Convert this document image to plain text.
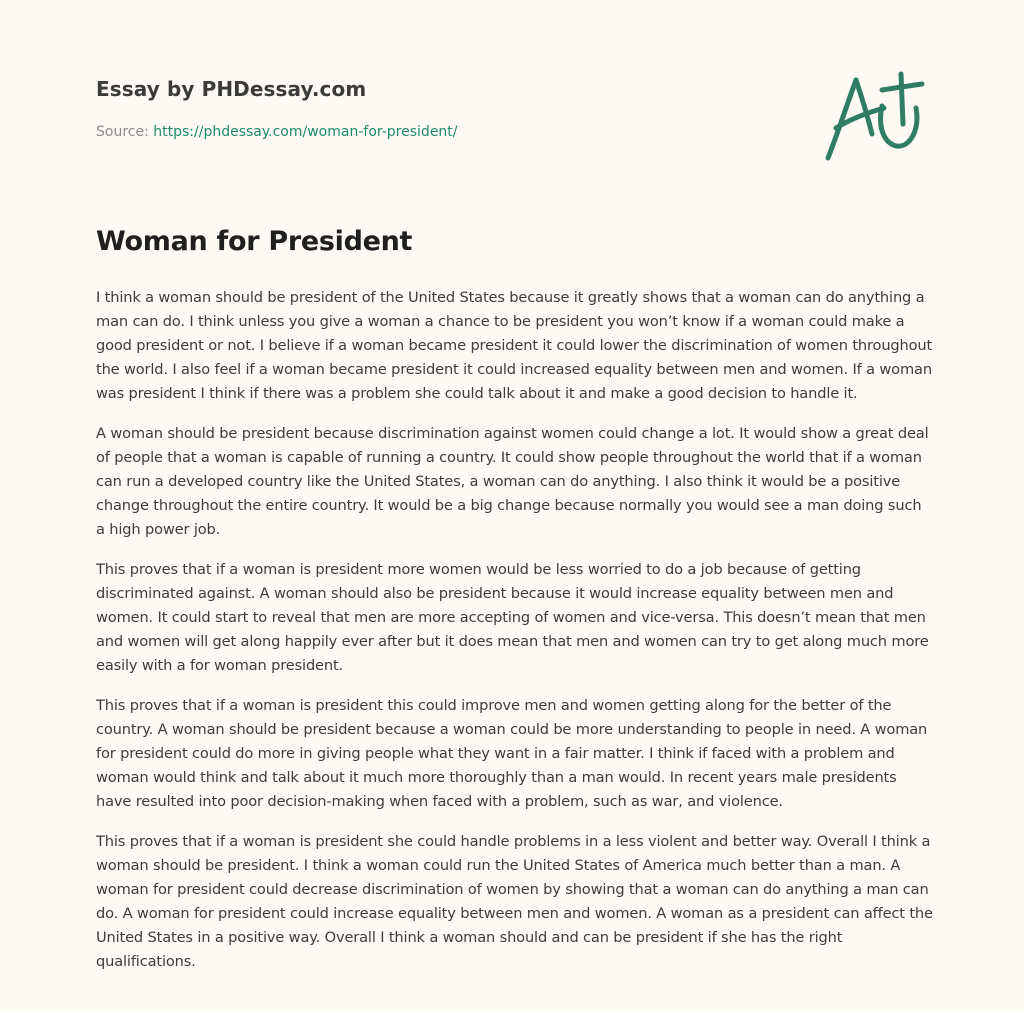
Essay by PHDessay.com
Source: https://phdessay.com/woman-for-president/
Woman for President

I think a woman should be president of the United States because it greatly shows that a woman can do anything a man can do. I think unless you give a woman a chance to be president you won’t know if a woman could make a good president or not. I believe if a woman became president it could lower the discrimination of women throughout the world. I also feel if a woman became president it could increased equality between men and women. If a woman was president I think if there was a problem she could talk about it and make a good decision to handle it.

A woman should be president because discrimination against women could change a lot. It would show a great deal of people that a woman is capable of running a country. It could show people throughout the world that if a woman can run a developed country like the United States, a woman can do anything. I also think it would be a positive change throughout the entire country. It would be a big change because normally you would see a man doing such a high power job.

This proves that if a woman is president more women would be less worried to do a job because of getting discriminated against. A woman should also be president because it would increase equality between men and women. It could start to reveal that men are more accepting of women and vice-versa. This doesn’t mean that men and women will get along happily ever after but it does mean that men and women can try to get along much more easily with a for woman president.

This proves that if a woman is president this could improve men and women getting along for the better of the country. A woman should be president because a woman could be more understanding to people in need. A woman for president could do more in giving people what they want in a fair matter. I think if faced with a problem and woman would think and talk about it much more thoroughly than a man would. In recent years male presidents have resulted into poor decision-making when faced with a problem, such as war, and violence.

This proves that if a woman is president she could handle problems in a less violent and better way. Overall I think a woman should be president. I think a woman could run the United States of America much better than a man. A woman for president could decrease discrimination of women by showing that a woman can do anything a man can do. A woman for president could increase equality between men and women. A woman as a president can affect the United States in a positive way. Overall I think a woman should and can be president if she has the right qualifications.
